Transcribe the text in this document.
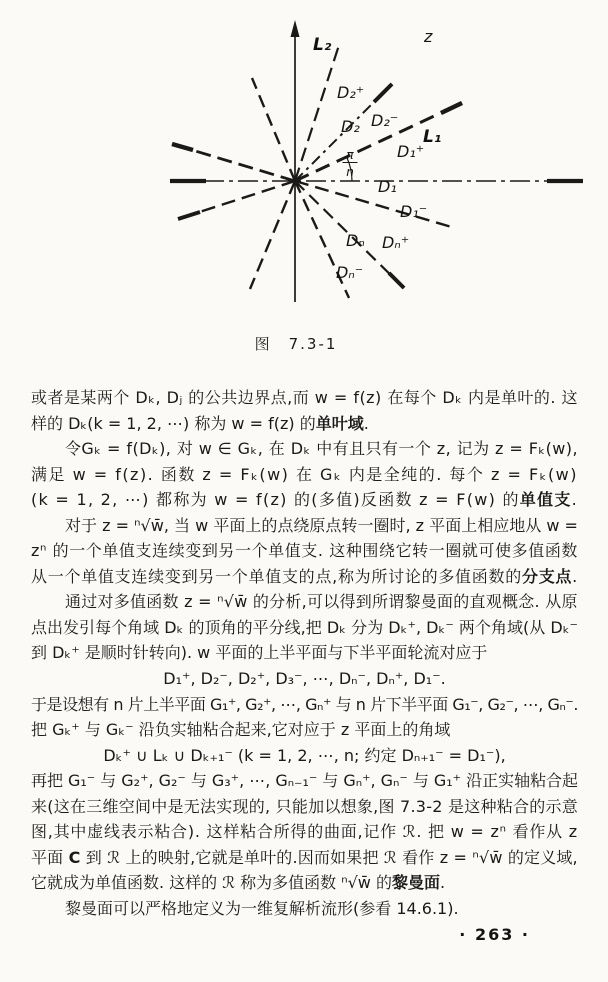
π
n
L₂	z
D₂⁺
D₂ D₂⁻
L₁
D₁⁺
D₁
D₁⁻
Dₙ Dₙ⁺
Dₙ⁻
图　7.3-1
或者是某两个 Dₖ, Dⱼ 的公共边界点,而 w = f(z) 在每个 Dₖ 内是单叶的. 这
样的 Dₖ(k = 1, 2, ⋯) 称为 w = f(z) 的单叶域.
令Gₖ = f(Dₖ), 对 w ∈ Gₖ, 在 Dₖ 中有且只有一个 z, 记为 z = Fₖ(w),
满足 w = f(z). 函数 z = Fₖ(w) 在 Gₖ 内是全纯的. 每个 z = Fₖ(w)
(k = 1, 2, ⋯) 都称为 w = f(z) 的(多值)反函数 z = F(w) 的单值支.
对于 z = ⁿ√w̄, 当 w 平面上的点绕原点转一圈时, z 平面上相应地从 w =
zⁿ 的一个单值支连续变到另一个单值支. 这种围绕它转一圈就可使多值函数
从一个单值支连续变到另一个单值支的点,称为所讨论的多值函数的分支点.
通过对多值函数 z = ⁿ√w̄ 的分析,可以得到所谓黎曼面的直观概念. 从原
点出发引每个角域 Dₖ 的顶角的平分线,把 Dₖ 分为 Dₖ⁺, Dₖ⁻ 两个角域(从 Dₖ⁻
到 Dₖ⁺ 是顺时针转向). w 平面的上半平面与下半平面轮流对应于
D₁⁺, D₂⁻, D₂⁺, D₃⁻, ⋯, Dₙ⁻, Dₙ⁺, D₁⁻.
于是设想有 n 片上半平面 G₁⁺, G₂⁺, ⋯, Gₙ⁺ 与 n 片下半平面 G₁⁻, G₂⁻, ⋯, Gₙ⁻.
把 Gₖ⁺ 与 Gₖ⁻ 沿负实轴粘合起来,它对应于 z 平面上的角域
Dₖ⁺ ∪ Lₖ ∪ Dₖ₊₁⁻ (k = 1, 2, ⋯, n; 约定 Dₙ₊₁⁻ = D₁⁻),
再把 G₁⁻ 与 G₂⁺, G₂⁻ 与 G₃⁺, ⋯, Gₙ₋₁⁻ 与 Gₙ⁺, Gₙ⁻ 与 G₁⁺ 沿正实轴粘合起
来(这在三维空间中是无法实现的, 只能加以想象,图 7.3-2 是这种粘合的示意
图,其中虚线表示粘合). 这样粘合所得的曲面,记作 ℛ. 把 w = zⁿ 看作从 z
平面 C 到 ℛ 上的映射,它就是单叶的.因而如果把 ℛ 看作 z = ⁿ√w̄ 的定义域,
它就成为单值函数. 这样的 ℛ 称为多值函数 ⁿ√w̄ 的黎曼面.
黎曼面可以严格地定义为一维复解析流形(参看 14.6.1).
· 263 ·
